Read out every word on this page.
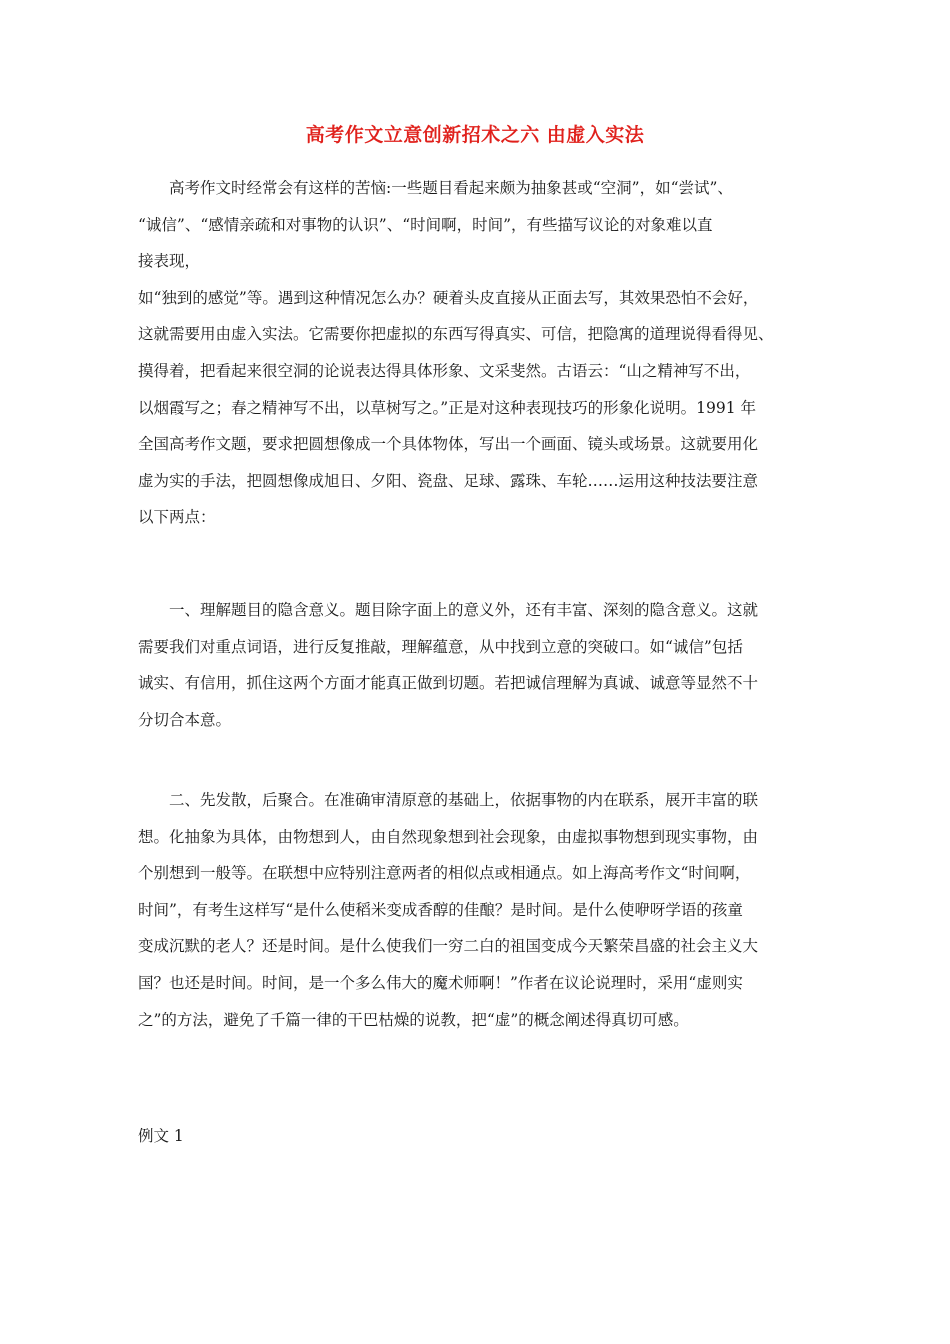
高考作文立意创新招术之六 由虚入实法
　　高考作文时经常会有这样的苦恼:一些题目看起来颇为抽象甚或“空洞”，如“尝试”、
“诚信”、“感情亲疏和对事物的认识”、“时间啊，时间”，有些描写议论的对象难以直
接表现，
如“独到的感觉”等。遇到这种情况怎么办？硬着头皮直接从正面去写，其效果恐怕不会好，
这就需要用由虚入实法。它需要你把虚拟的东西写得真实、可信，把隐寓的道理说得看得见、
摸得着，把看起来很空洞的论说表达得具体形象、文采斐然。古语云：“山之精神写不出，
以烟霞写之；春之精神写不出，以草树写之。”正是对这种表现技巧的形象化说明。1991 年
全国高考作文题，要求把圆想像成一个具体物体，写出一个画面、镜头或场景。这就要用化
虚为实的手法，把圆想像成旭日、夕阳、瓷盘、足球、露珠、车轮……运用这种技法要注意
以下两点：
　　一、理解题目的隐含意义。题目除字面上的意义外，还有丰富、深刻的隐含意义。这就
需要我们对重点词语，进行反复推敲，理解蕴意，从中找到立意的突破口。如“诚信”包括
诚实、有信用，抓住这两个方面才能真正做到切题。若把诚信理解为真诚、诚意等显然不十
分切合本意。
　　二、先发散，后聚合。在准确审清原意的基础上，依据事物的内在联系，展开丰富的联
想。化抽象为具体，由物想到人，由自然现象想到社会现象，由虚拟事物想到现实事物，由
个别想到一般等。在联想中应特别注意两者的相似点或相通点。如上海高考作文“时间啊，
时间”，有考生这样写“是什么使稻米变成香醇的佳酿？是时间。是什么使咿呀学语的孩童
变成沉默的老人？还是时间。是什么使我们一穷二白的祖国变成今天繁荣昌盛的社会主义大
国？也还是时间。时间，是一个多么伟大的魔术师啊！”作者在议论说理时，采用“虚则实
之”的方法，避免了千篇一律的干巴枯燥的说教，把“虚”的概念阐述得真切可感。
例文 1
